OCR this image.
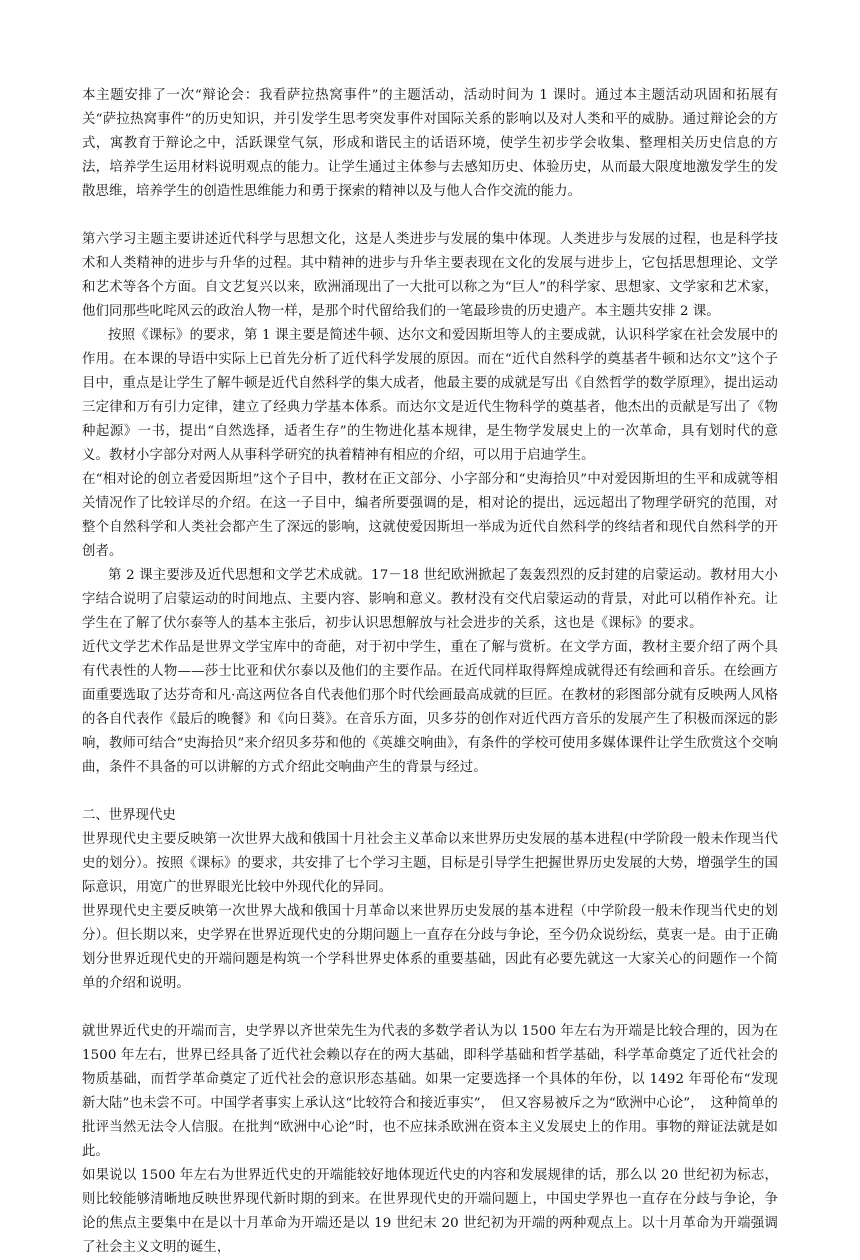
本主题安排了一次“辩论会：我看萨拉热窝事件”的主题活动，活动时间为 1 课时。通过本主题活动巩固和拓展有关“萨拉热窝事件”的历史知识，并引发学生思考突发事件对国际关系的影响以及对人类和平的威胁。通过辩论会的方式，寓教育于辩论之中，活跃课堂气氛，形成和谐民主的话语环境，使学生初步学会收集、整理相关历史信息的方法，培养学生运用材料说明观点的能力。让学生通过主体参与去感知历史、体验历史，从而最大限度地激发学生的发散思维，培养学生的创造性思维能力和勇于探索的精神以及与他人合作交流的能力。

第六学习主题主要讲述近代科学与思想文化，这是人类进步与发展的集中体现。人类进步与发展的过程，也是科学技术和人类精神的进步与升华的过程。其中精神的进步与升华主要表现在文化的发展与进步上，它包括思想理论、文学和艺术等各个方面。自文艺复兴以来，欧洲涌现出了一大批可以称之为“巨人”的科学家、思想家、文学家和艺术家，他们同那些叱咤风云的政治人物一样，是那个时代留给我们的一笔最珍贵的历史遗产。本主题共安排 2 课。

按照《课标》的要求，第 1 课主要是简述牛顿、达尔文和爱因斯坦等人的主要成就，认识科学家在社会发展中的作用。在本课的导语中实际上已首先分析了近代科学发展的原因。而在“近代自然科学的奠基者牛顿和达尔文”这个子目中，重点是让学生了解牛顿是近代自然科学的集大成者，他最主要的成就是写出《自然哲学的数学原理》，提出运动三定律和万有引力定律，建立了经典力学基本体系。而达尔文是近代生物科学的奠基者，他杰出的贡献是写出了《物种起源》一书，提出“自然选择，适者生存”的生物进化基本规律，是生物学发展史上的一次革命，具有划时代的意义。教材小字部分对两人从事科学研究的执着精神有相应的介绍，可以用于启迪学生。

在“相对论的创立者爱因斯坦”这个子目中，教材在正文部分、小字部分和“史海拾贝”中对爱因斯坦的生平和成就等相关情况作了比较详尽的介绍。在这一子目中，编者所要强调的是，相对论的提出，远远超出了物理学研究的范围，对整个自然科学和人类社会都产生了深远的影响，这就使爱因斯坦一举成为近代自然科学的终结者和现代自然科学的开创者。

第 2 课主要涉及近代思想和文学艺术成就。17－18 世纪欧洲掀起了轰轰烈烈的反封建的启蒙运动。教材用大小字结合说明了启蒙运动的时间地点、主要内容、影响和意义。教材没有交代启蒙运动的背景，对此可以稍作补充。让学生在了解了伏尔泰等人的基本主张后，初步认识思想解放与社会进步的关系，这也是《课标》的要求。

近代文学艺术作品是世界文学宝库中的奇葩，对于初中学生，重在了解与赏析。在文学方面，教材主要介绍了两个具有代表性的人物——莎士比亚和伏尔泰以及他们的主要作品。在近代同样取得辉煌成就得还有绘画和音乐。在绘画方面重要选取了达芬奇和凡·高这两位各自代表他们那个时代绘画最高成就的巨匠。在教材的彩图部分就有反映两人风格的各自代表作《最后的晚餐》和《向日葵》。在音乐方面，贝多芬的创作对近代西方音乐的发展产生了积极而深远的影响，教师可结合“史海拾贝”来介绍贝多芬和他的《英雄交响曲》，有条件的学校可使用多媒体课件让学生欣赏这个交响曲，条件不具备的可以讲解的方式介绍此交响曲产生的背景与经过。

二、世界现代史

世界现代史主要反映第一次世界大战和俄国十月社会主义革命以来世界历史发展的基本进程(中学阶段一般未作现当代史的划分）。按照《课标》的要求，共安排了七个学习主题，目标是引导学生把握世界历史发展的大势，增强学生的国际意识，用宽广的世界眼光比较中外现代化的异同。

世界现代史主要反映第一次世界大战和俄国十月革命以来世界历史发展的基本进程（中学阶段一般未作现当代史的划分）。但长期以来，史学界在世界近现代史的分期问题上一直存在分歧与争论，至今仍众说纷纭，莫衷一是。由于正确划分世界近现代史的开端问题是构筑一个学科世界史体系的重要基础，因此有必要先就这一大家关心的问题作一个简单的介绍和说明。

就世界近代史的开端而言，史学界以齐世荣先生为代表的多数学者认为以 1500 年左右为开端是比较合理的，因为在 1500 年左右，世界已经具备了近代社会赖以存在的两大基础，即科学基础和哲学基础，科学革命奠定了近代社会的物质基础，而哲学革命奠定了近代社会的意识形态基础。如果一定要选择一个具体的年份，以 1492 年哥伦布“发现新大陆”也未尝不可。中国学者事实上承认这“比较符合和接近事实”，　但又容易被斥之为“欧洲中心论”，　这种简单的批评当然无法令人信服。在批判“欧洲中心论”时，也不应抹杀欧洲在资本主义发展史上的作用。事物的辩证法就是如此。

如果说以 1500 年左右为世界近代史的开端能较好地体现近代史的内容和发展规律的话，那么以 20 世纪初为标志，则比较能够清晰地反映世界现代新时期的到来。在世界现代史的开端问题上，中国史学界也一直存在分歧与争论，争论的焦点主要集中在是以十月革命为开端还是以 19 世纪末 20 世纪初为开端的两种观点上。以十月革命为开端强调了社会主义文明的诞生，
